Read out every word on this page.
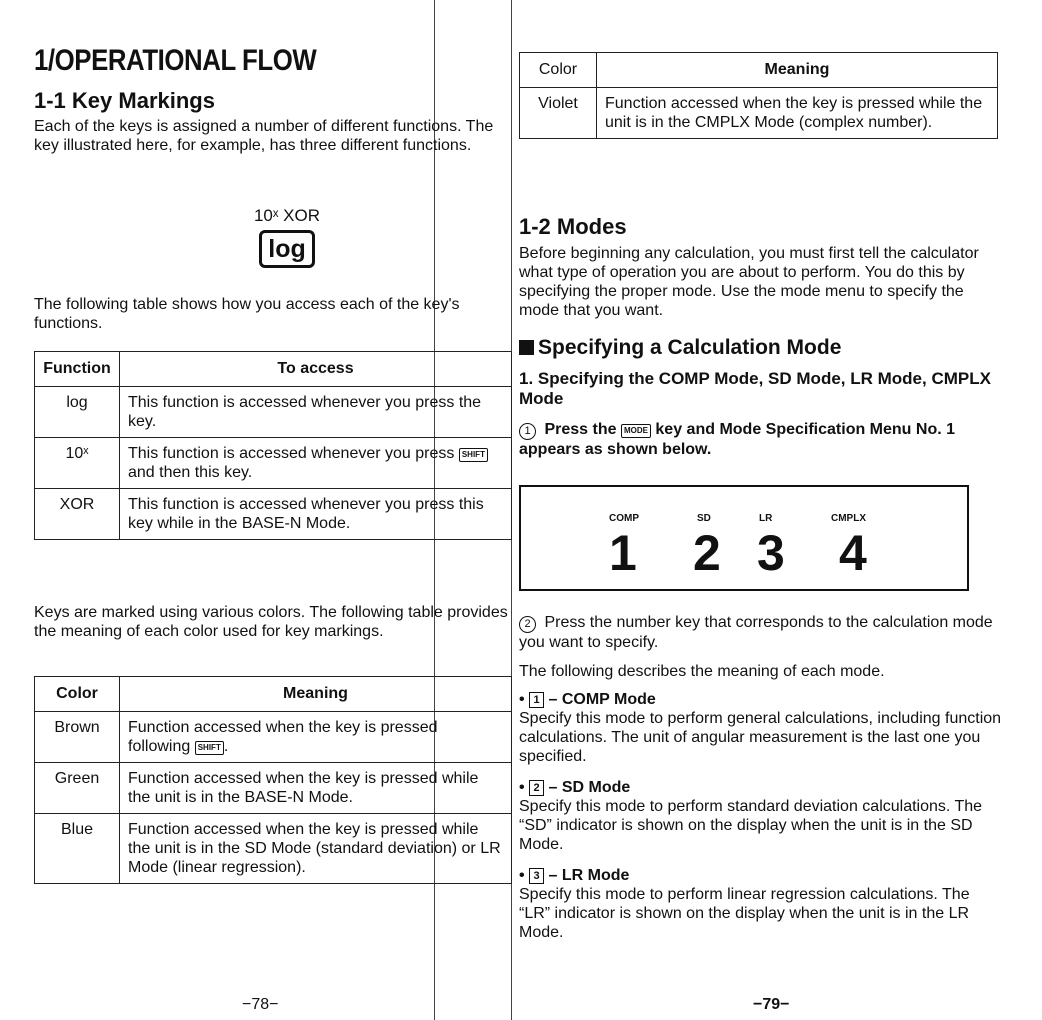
1/OPERATIONAL FLOW
1-1 Key Markings

Each of the keys is assigned a number of different functions. The key illustrated here, for example, has three different functions.

10ˣ XOR
log

The following table shows how you access each of the key's functions.

Function	To access
log	This function is accessed whenever you press the key.
10ˣ	This function is accessed whenever you press SHIFT and then this key.
XOR	This function is accessed whenever you press this key while in the BASE-N Mode.

Keys are marked using various colors. The following table provides the meaning of each color used for key markings.

Color	Meaning
Brown	Function accessed when the key is pressed following SHIFT .
Green	Function accessed when the key is pressed while the unit is in the BASE-N Mode.
Blue	Function accessed when the key is pressed while the unit is in the SD Mode (standard deviation) or LR Mode (linear regression).
−78−
Color	Meaning
Violet	Function accessed when the key is pressed while the unit is in the CMPLX Mode (complex number).
1-2 Modes

Before beginning any calculation, you must first tell the calculator what type of operation you are about to perform. You do this by specifying the proper mode. Use the mode menu to specify the mode that you want.

Specifying a Calculation Mode
1. Specifying the COMP Mode, SD Mode, LR Mode, CMPLX Mode
1 Press the MODE key and Mode Specification Menu No. 1 appears as shown below.
COMP
1
SD
2
LR
3
CMPLX
4
2 Press the number key that corresponds to the calculation mode you want to specify.

The following describes the meaning of each mode.

• 1 – COMP Mode
Specify this mode to perform general calculations, including function calculations. The unit of angular measurement is the last one you specified.
• 2 – SD Mode
Specify this mode to perform standard deviation calculations. The “SD” indicator is shown on the display when the unit is in the SD Mode.
• 3 – LR Mode
Specify this mode to perform linear regression calculations. The “LR” indicator is shown on the display when the unit is in the LR Mode.
−79−
